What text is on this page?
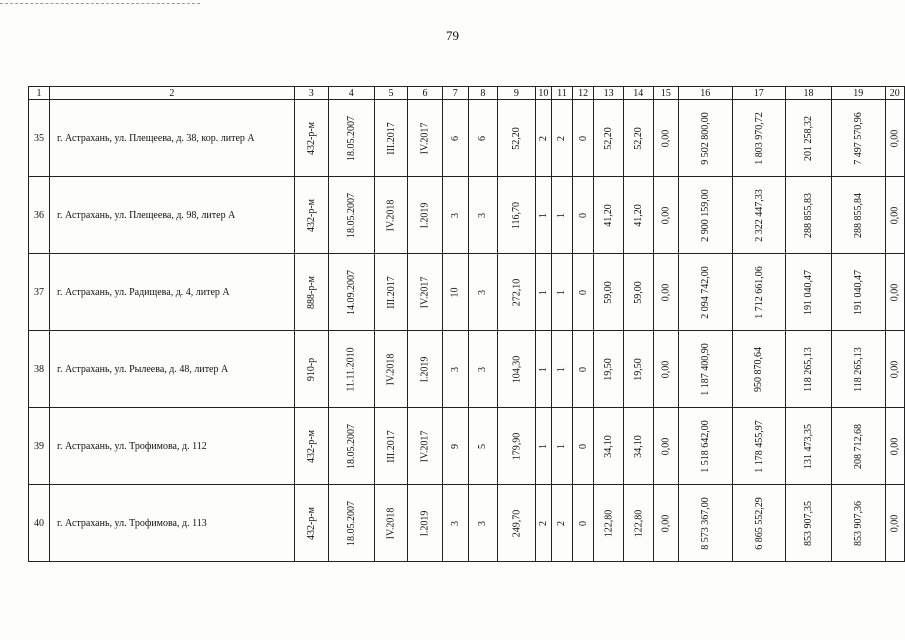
79
1	2	3	4	5	6	7	8	9	10	11	12	13	14	15	16	17	18	19	20
35	г. Астрахань, ул. Плещеева, д. 38, кор. литер А	432-р-м	18.05.2007	III.2017	IV.2017	6	6	52,20	2	2	0	52,20	52,20	0,00	9 502 800,00	1 803 970,72	201 258,32	7 497 570,96	0,00
36	г. Астрахань, ул. Плещеева, д. 98, литер А	432-р-м	18.05.2007	IV.2018	I.2019	3	3	116,70	1	1	0	41,20	41,20	0,00	2 900 159,00	2 322 447,33	288 855,83	288 855,84	0,00
37	г. Астрахань, ул. Радищева, д. 4, литер А	888-р-м	14.09.2007	III.2017	IV.2017	10	3	272,10	1	1	0	59,00	59,00	0,00	2 094 742,00	1 712 661,06	191 040,47	191 040,47	0,00
38	г. Астрахань, ул. Рылеева, д. 48, литер А	910-р	11.11.2010	IV.2018	I.2019	3	3	104,30	1	1	0	19,50	19,50	0,00	1 187 400,90	950 870,64	118 265,13	118 265,13	0,00
39	г. Астрахань, ул. Трофимова, д. 112	432-р-м	18.05.2007	III.2017	IV.2017	9	5	179,90	1	1	0	34,10	34,10	0,00	1 518 642,00	1 178 455,97	131 473,35	208 712,68	0,00
40	г. Астрахань, ул. Трофимова, д. 113	432-р-м	18.05.2007	IV.2018	I.2019	3	3	249,70	2	2	0	122,80	122,80	0,00	8 573 367,00	6 865 552,29	853 907,35	853 907,36	0,00
